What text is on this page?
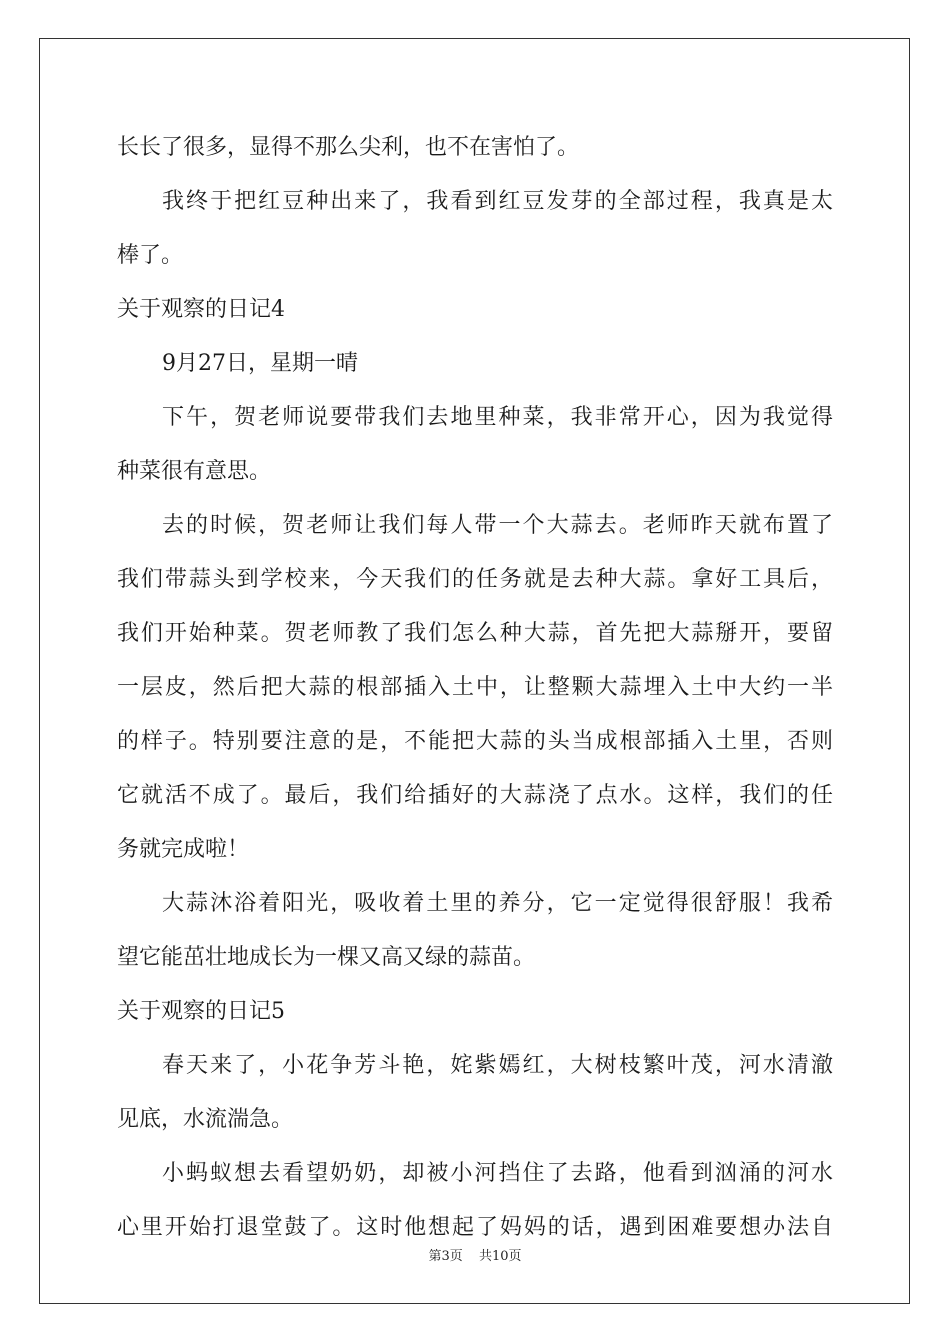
长长了很多，显得不那么尖利，也不在害怕了。
我终于把红豆种出来了，我看到红豆发芽的全部过程，我真是太
棒了。
关于观察的日记4
9月27日，星期一晴
下午，贺老师说要带我们去地里种菜，我非常开心，因为我觉得
种菜很有意思。
去的时候，贺老师让我们每人带一个大蒜去。老师昨天就布置了
我们带蒜头到学校来，今天我们的任务就是去种大蒜。拿好工具后，
我们开始种菜。贺老师教了我们怎么种大蒜，首先把大蒜掰开，要留
一层皮，然后把大蒜的根部插入土中，让整颗大蒜埋入土中大约一半
的样子。特别要注意的是，不能把大蒜的头当成根部插入土里，否则
它就活不成了。最后，我们给插好的大蒜浇了点水。这样，我们的任
务就完成啦！
大蒜沐浴着阳光，吸收着土里的养分，它一定觉得很舒服！我希
望它能茁壮地成长为一棵又高又绿的蒜苗。
关于观察的日记5
春天来了，小花争芳斗艳，姹紫嫣红，大树枝繁叶茂，河水清澈
见底，水流湍急。
小蚂蚁想去看望奶奶，却被小河挡住了去路，他看到汹涌的河水
心里开始打退堂鼓了。这时他想起了妈妈的话，遇到困难要想办法自
第3页 共10页
